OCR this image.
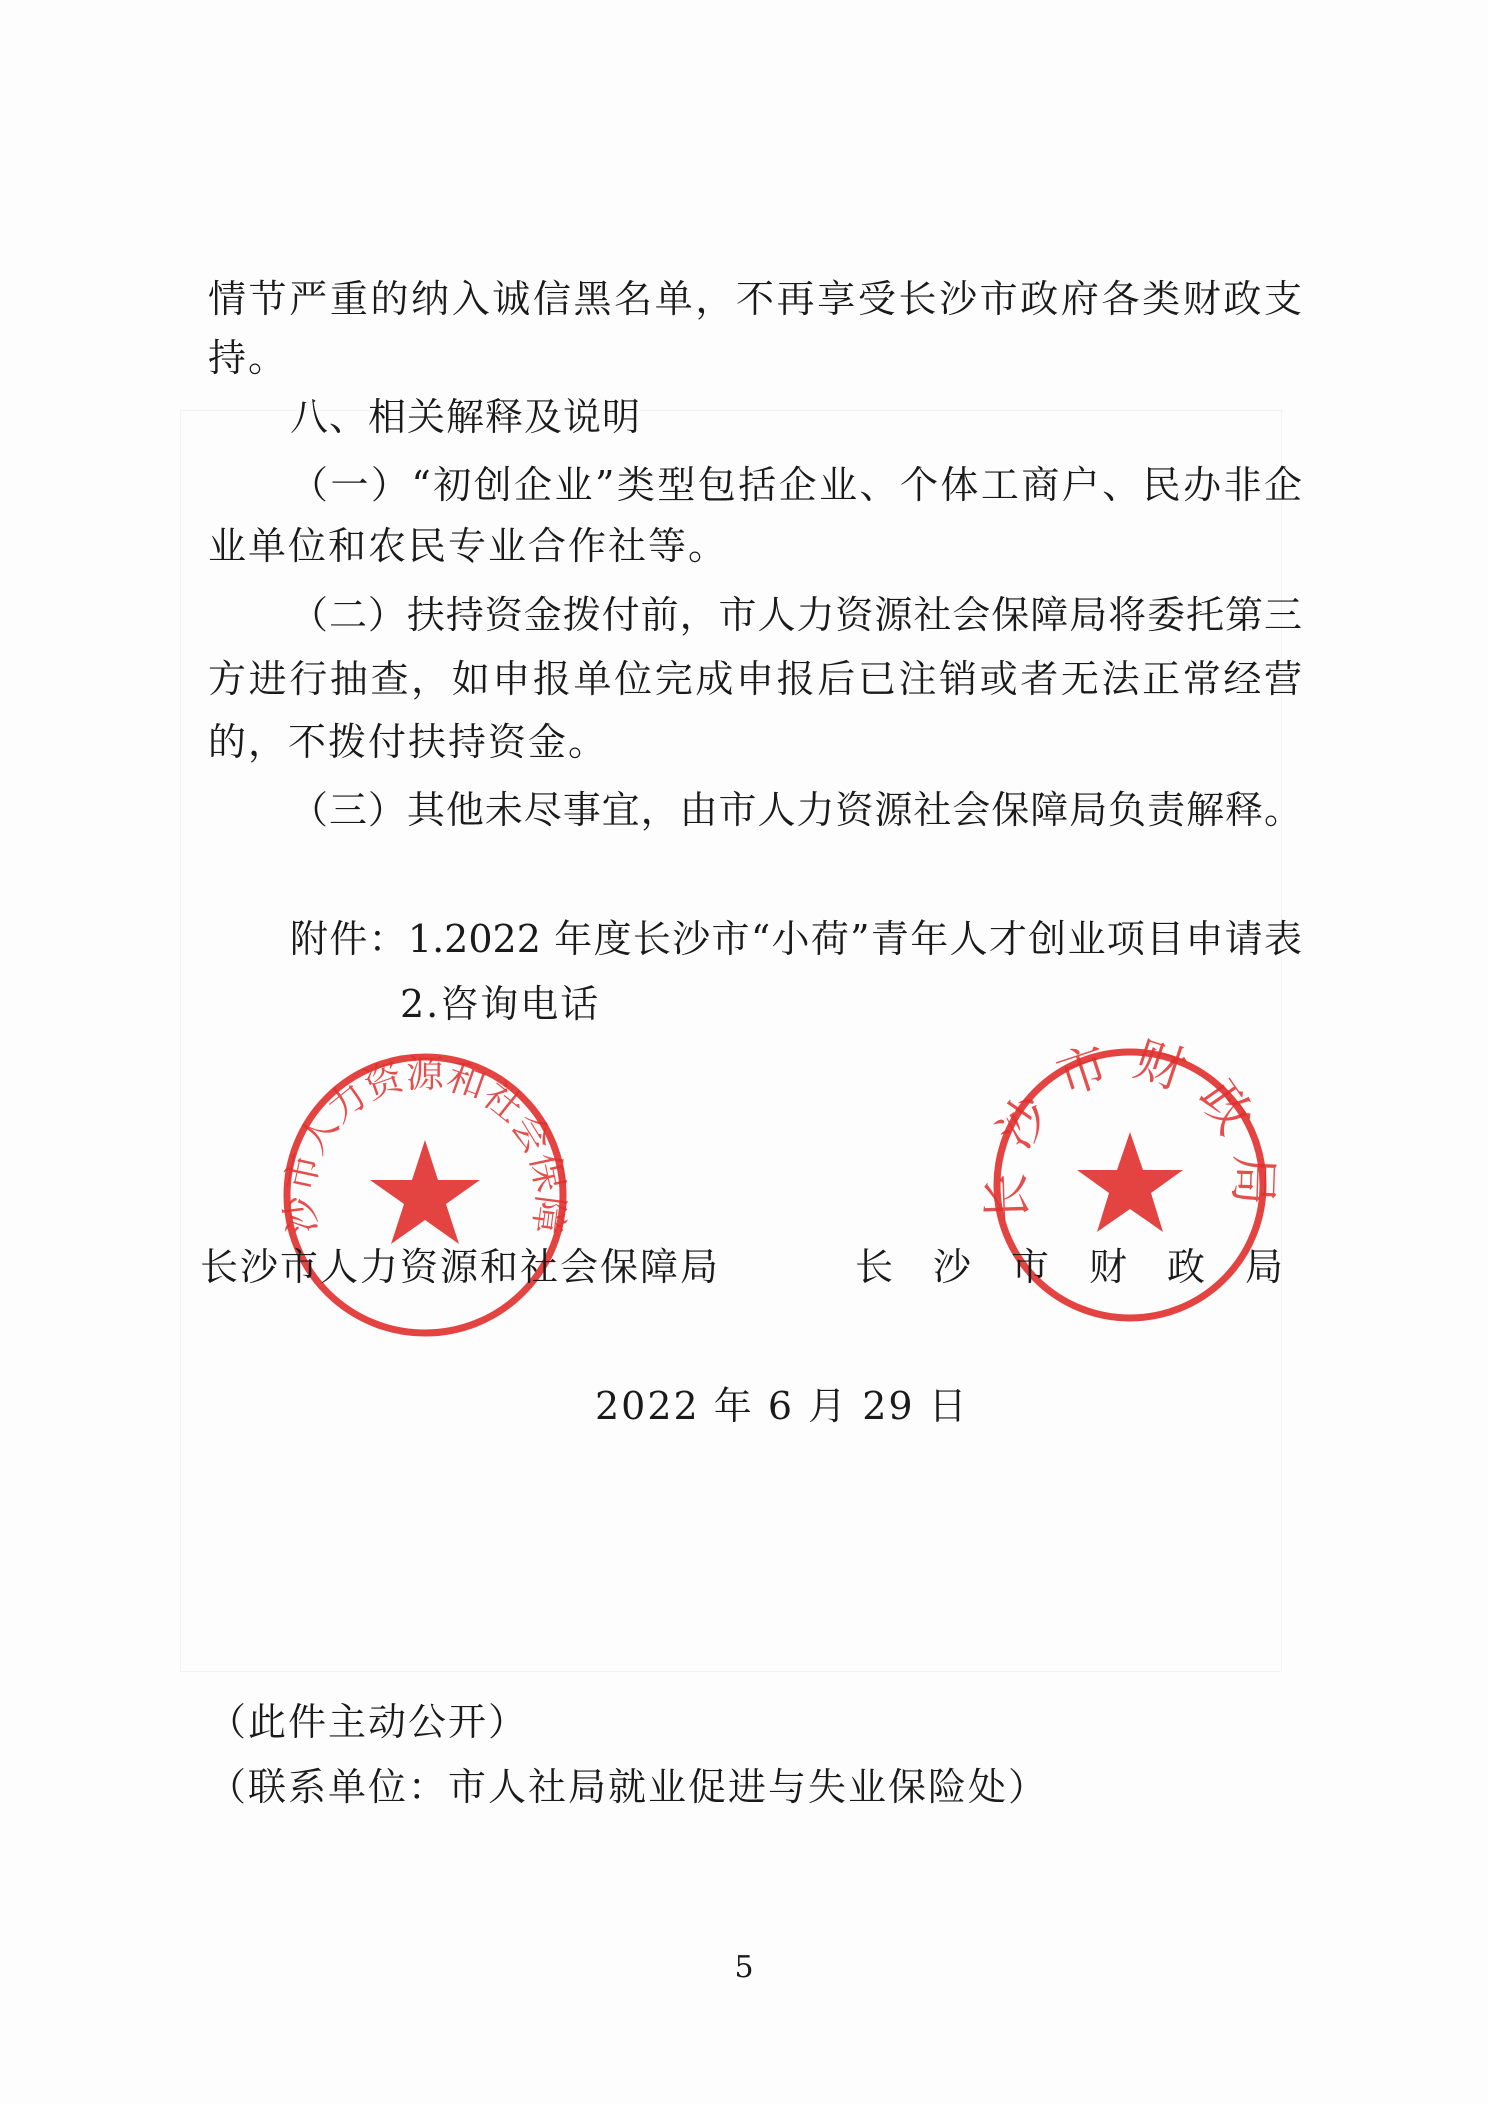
情节严重的纳入诚信黑名单，不再享受长沙市政府各类财政支
持。
八、相关解释及说明
（一）“初创企业”类型包括企业、个体工商户、民办非企
业单位和农民专业合作社等。
（二）扶持资金拨付前，市人力资源社会保障局将委托第三
方进行抽查，如申报单位完成申报后已注销或者无法正常经营
的，不拨付扶持资金。
（三）其他未尽事宜，由市人力资源社会保障局负责解释。
附件：1.2022 年度长沙市“小荷”青年人才创业项目申请表
2.咨询电话
长沙市人力资源和社会保障局
长沙市财政局
长沙市人力资源和社会保障局	长沙市财政局
2022 年 6 月 29 日
（此件主动公开）
（联系单位：市人社局就业促进与失业保险处）
5
